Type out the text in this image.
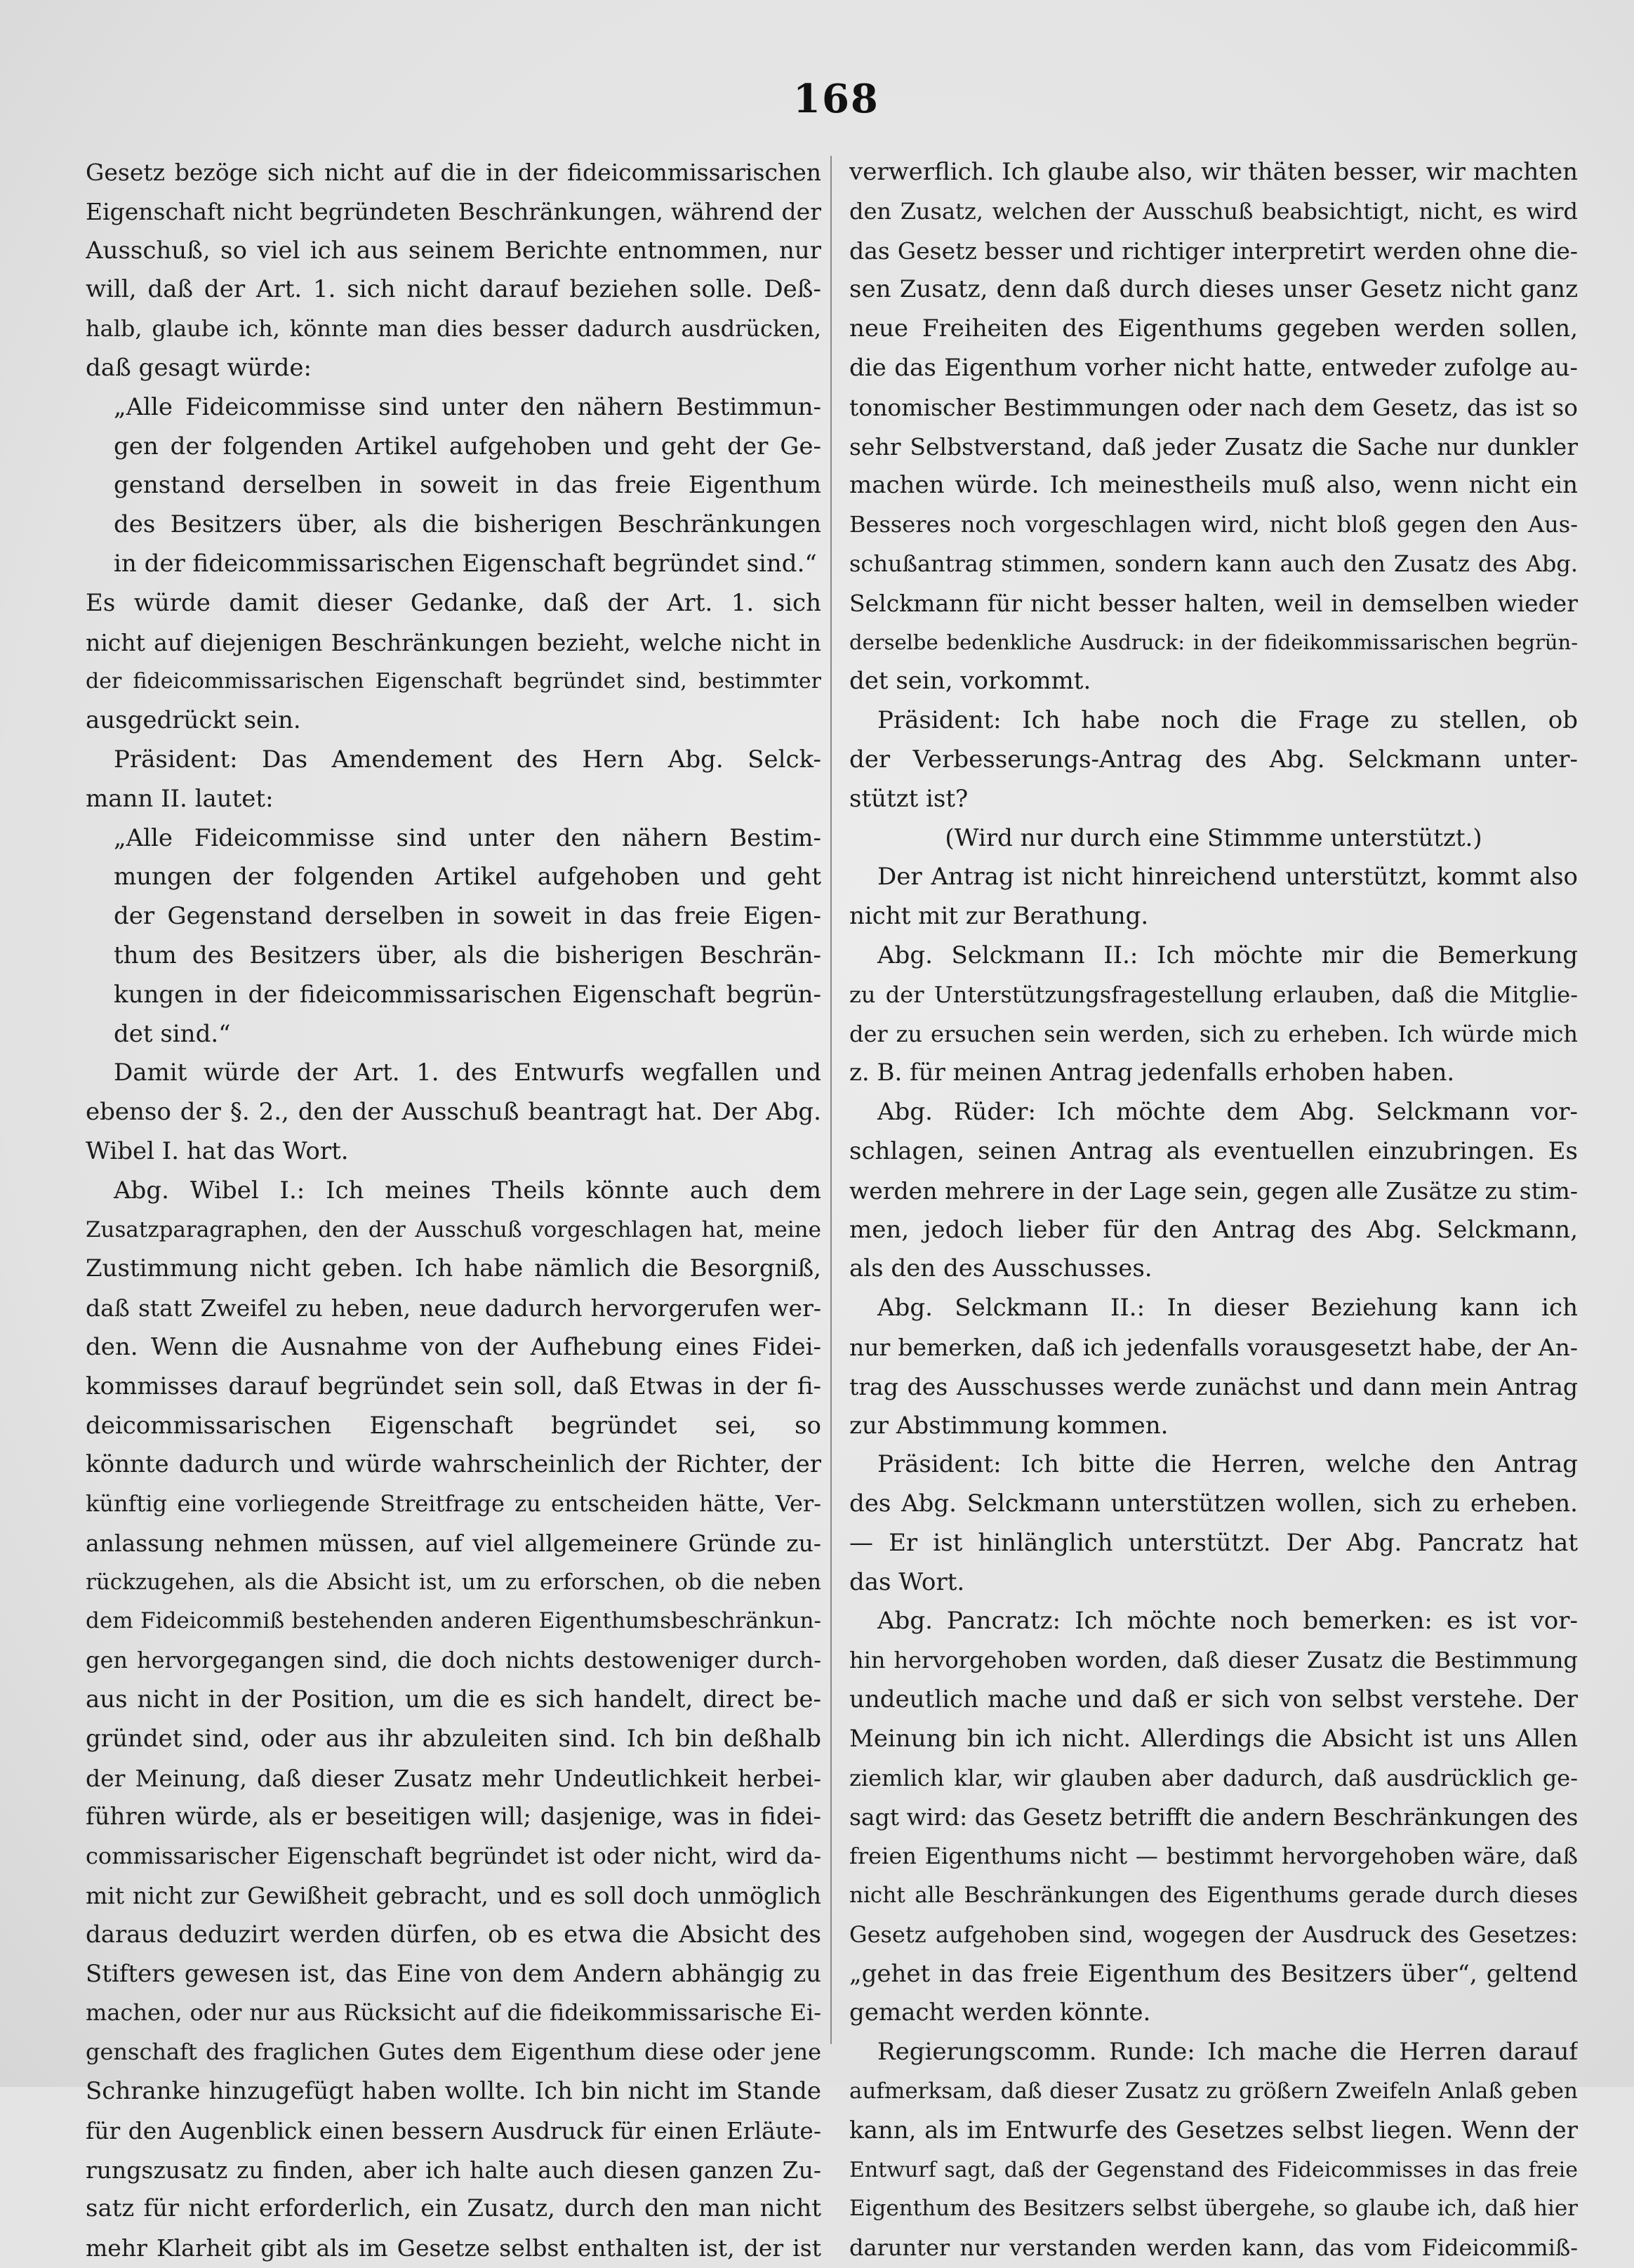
168
Gesetz bezöge sich nicht auf die in der fideicommissarischen
Eigenschaft nicht begründeten Beschränkungen, während der
Ausschuß, so viel ich aus seinem Berichte entnommen, nur
will, daß der Art. 1. sich nicht darauf beziehen solle. Deß-
halb, glaube ich, könnte man dies besser dadurch ausdrücken,
daß gesagt würde:
„Alle Fideicommisse sind unter den nähern Bestimmun-
gen der folgenden Artikel aufgehoben und geht der Ge-
genstand derselben in soweit in das freie Eigenthum
des Besitzers über, als die bisherigen Beschränkungen
in der fideicommissarischen Eigenschaft begründet sind.“
Es würde damit dieser Gedanke, daß der Art. 1. sich
nicht auf diejenigen Beschränkungen bezieht, welche nicht in
der fideicommissarischen Eigenschaft begründet sind, bestimmter
ausgedrückt sein.
Präsident: Das Amendement des Hern Abg. Selck-
mann II. lautet:
„Alle Fideicommisse sind unter den nähern Bestim-
mungen der folgenden Artikel aufgehoben und geht
der Gegenstand derselben in soweit in das freie Eigen-
thum des Besitzers über, als die bisherigen Beschrän-
kungen in der fideicommissarischen Eigenschaft begrün-
det sind.“
Damit würde der Art. 1. des Entwurfs wegfallen und
ebenso der §. 2., den der Ausschuß beantragt hat. Der Abg.
Wibel I. hat das Wort.
Abg. Wibel I.: Ich meines Theils könnte auch dem
Zusatzparagraphen, den der Ausschuß vorgeschlagen hat, meine
Zustimmung nicht geben. Ich habe nämlich die Besorgniß,
daß statt Zweifel zu heben, neue dadurch hervorgerufen wer-
den. Wenn die Ausnahme von der Aufhebung eines Fidei-
kommisses darauf begründet sein soll, daß Etwas in der fi-
deicommissarischen Eigenschaft begründet sei, so
könnte dadurch und würde wahrscheinlich der Richter, der
künftig eine vorliegende Streitfrage zu entscheiden hätte, Ver-
anlassung nehmen müssen, auf viel allgemeinere Gründe zu-
rückzugehen, als die Absicht ist, um zu erforschen, ob die neben
dem Fideicommiß bestehenden anderen Eigenthumsbeschränkun-
gen hervorgegangen sind, die doch nichts destoweniger durch-
aus nicht in der Position, um die es sich handelt, direct be-
gründet sind, oder aus ihr abzuleiten sind. Ich bin deßhalb
der Meinung, daß dieser Zusatz mehr Undeutlichkeit herbei-
führen würde, als er beseitigen will; dasjenige, was in fidei-
commissarischer Eigenschaft begründet ist oder nicht, wird da-
mit nicht zur Gewißheit gebracht, und es soll doch unmöglich
daraus deduzirt werden dürfen, ob es etwa die Absicht des
Stifters gewesen ist, das Eine von dem Andern abhängig zu
machen, oder nur aus Rücksicht auf die fideikommissarische Ei-
genschaft des fraglichen Gutes dem Eigenthum diese oder jene
Schranke hinzugefügt haben wollte. Ich bin nicht im Stande
für den Augenblick einen bessern Ausdruck für einen Erläute-
rungszusatz zu finden, aber ich halte auch diesen ganzen Zu-
satz für nicht erforderlich, ein Zusatz, durch den man nicht
mehr Klarheit gibt als im Gesetze selbst enthalten ist, der ist
verwerflich. Ich glaube also, wir thäten besser, wir machten
den Zusatz, welchen der Ausschuß beabsichtigt, nicht, es wird
das Gesetz besser und richtiger interpretirt werden ohne die-
sen Zusatz, denn daß durch dieses unser Gesetz nicht ganz
neue Freiheiten des Eigenthums gegeben werden sollen,
die das Eigenthum vorher nicht hatte, entweder zufolge au-
tonomischer Bestimmungen oder nach dem Gesetz, das ist so
sehr Selbstverstand, daß jeder Zusatz die Sache nur dunkler
machen würde. Ich meinestheils muß also, wenn nicht ein
Besseres noch vorgeschlagen wird, nicht bloß gegen den Aus-
schußantrag stimmen, sondern kann auch den Zusatz des Abg.
Selckmann für nicht besser halten, weil in demselben wieder
derselbe bedenkliche Ausdruck: in der fideikommissarischen begrün-
det sein, vorkommt.
Präsident: Ich habe noch die Frage zu stellen, ob
der Verbesserungs-Antrag des Abg. Selckmann unter-
stützt ist?
(Wird nur durch eine Stimmme unterstützt.)
Der Antrag ist nicht hinreichend unterstützt, kommt also
nicht mit zur Berathung.
Abg. Selckmann II.: Ich möchte mir die Bemerkung
zu der Unterstützungsfragestellung erlauben, daß die Mitglie-
der zu ersuchen sein werden, sich zu erheben. Ich würde mich
z. B. für meinen Antrag jedenfalls erhoben haben.
Abg. Rüder: Ich möchte dem Abg. Selckmann vor-
schlagen, seinen Antrag als eventuellen einzubringen. Es
werden mehrere in der Lage sein, gegen alle Zusätze zu stim-
men, jedoch lieber für den Antrag des Abg. Selckmann,
als den des Ausschusses.
Abg. Selckmann II.: In dieser Beziehung kann ich
nur bemerken, daß ich jedenfalls vorausgesetzt habe, der An-
trag des Ausschusses werde zunächst und dann mein Antrag
zur Abstimmung kommen.
Präsident: Ich bitte die Herren, welche den Antrag
des Abg. Selckmann unterstützen wollen, sich zu erheben.
— Er ist hinlänglich unterstützt. Der Abg. Pancratz hat
das Wort.
Abg. Pancratz: Ich möchte noch bemerken: es ist vor-
hin hervorgehoben worden, daß dieser Zusatz die Bestimmung
undeutlich mache und daß er sich von selbst verstehe. Der
Meinung bin ich nicht. Allerdings die Absicht ist uns Allen
ziemlich klar, wir glauben aber dadurch, daß ausdrücklich ge-
sagt wird: das Gesetz betrifft die andern Beschränkungen des
freien Eigenthums nicht — bestimmt hervorgehoben wäre, daß
nicht alle Beschränkungen des Eigenthums gerade durch dieses
Gesetz aufgehoben sind, wogegen der Ausdruck des Gesetzes:
„gehet in das freie Eigenthum des Besitzers über“, geltend
gemacht werden könnte.
Regierungscomm. Runde: Ich mache die Herren darauf
aufmerksam, daß dieser Zusatz zu größern Zweifeln Anlaß geben
kann, als im Entwurfe des Gesetzes selbst liegen. Wenn der
Entwurf sagt, daß der Gegenstand des Fideicommisses in das freie
Eigenthum des Besitzers selbst übergehe, so glaube ich, daß hier
darunter nur verstanden werden kann, das vom Fideicommiß-
